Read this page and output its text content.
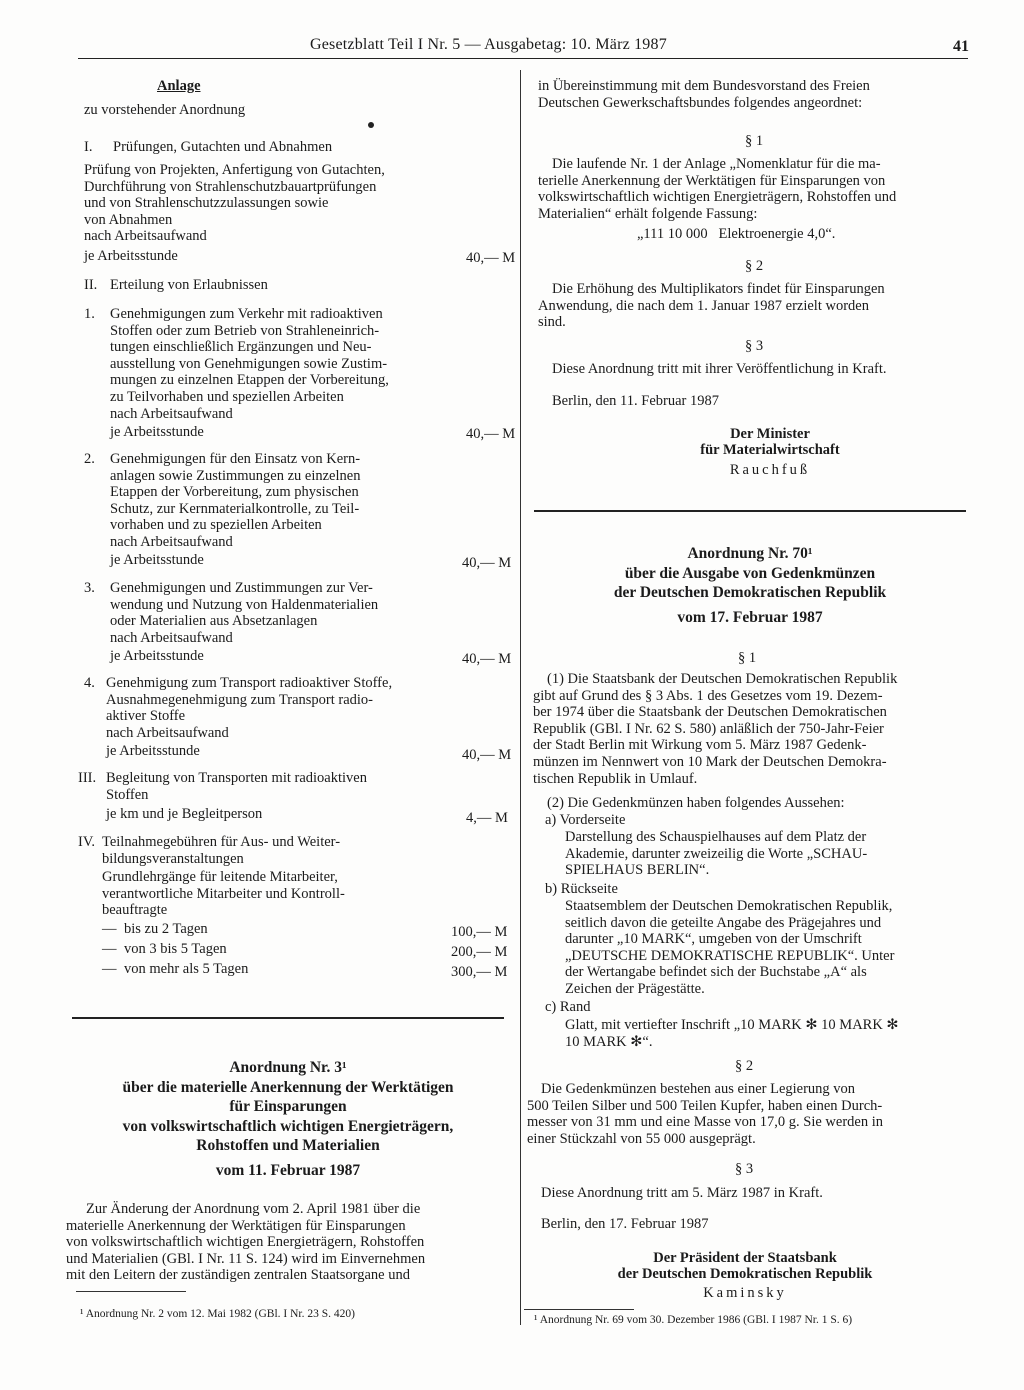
Gesetzblatt Teil I Nr. 5 — Ausgabetag: 10. März 1987	41
Anlage
zu vorstehender Anordnung
I. Prüfungen, Gutachten und Abnahmen
Prüfung von Projekten, Anfertigung von Gutachten,
Durchführung von Strahlenschutzbauartprüfungen
und von Strahlenschutzzulassungen sowie
von Abnahmen
nach Arbeitsaufwand
je Arbeitsstunde	40,— M
II. Erteilung von Erlaubnissen
1. Genehmigungen zum Verkehr mit radioaktiven
Stoffen oder zum Betrieb von Strahleneinrich-
tungen einschließlich Ergänzungen und Neu-
ausstellung von Genehmigungen sowie Zustim-
mungen zu einzelnen Etappen der Vorbereitung,
zu Teilvorhaben und speziellen Arbeiten
nach Arbeitsaufwand
je Arbeitsstunde	40,— M
2. Genehmigungen für den Einsatz von Kern-
anlagen sowie Zustimmungen zu einzelnen
Etappen der Vorbereitung, zum physischen
Schutz, zur Kernmaterialkontrolle, zu Teil-
vorhaben und zu speziellen Arbeiten
nach Arbeitsaufwand
je Arbeitsstunde	40,— M
3. Genehmigungen und Zustimmungen zur Ver-
wendung und Nutzung von Haldenmaterialien
oder Materialien aus Absetzanlagen
nach Arbeitsaufwand
je Arbeitsstunde	40,— M
4. Genehmigung zum Transport radioaktiver Stoffe,
Ausnahmegenehmigung zum Transport radio-
aktiver Stoffe
nach Arbeitsaufwand
je Arbeitsstunde	40,— M
III. Begleitung von Transporten mit radioaktiven
Stoffen
je km und je Begleitperson	4,— M
IV. Teilnahmegebühren für Aus- und Weiter-
bildungsveranstaltungen
Grundlehrgänge für leitende Mitarbeiter,
verantwortliche Mitarbeiter und Kontroll-
beauftragte
— bis zu 2 Tagen	100,— M
— von 3 bis 5 Tagen	200,— M
— von mehr als 5 Tagen	300,— M
Anordnung Nr. 3¹
über die materielle Anerkennung der Werktätigen
für Einsparungen
von volkswirtschaftlich wichtigen Energieträgern,
Rohstoffen und Materialien
vom 11. Februar 1987
Zur Änderung der Anordnung vom 2. April 1981 über die
materielle Anerkennung der Werktätigen für Einsparungen
von volkswirtschaftlich wichtigen Energieträgern, Rohstoffen
und Materialien (GBl. I Nr. 11 S. 124) wird im Einvernehmen
mit den Leitern der zuständigen zentralen Staatsorgane und
¹ Anordnung Nr. 2 vom 12. Mai 1982 (GBl. I Nr. 23 S. 420)
in Übereinstimmung mit dem Bundesvorstand des Freien
Deutschen Gewerkschaftsbundes folgendes angeordnet:
§ 1
Die laufende Nr. 1 der Anlage „Nomenklatur für die ma-
terielle Anerkennung der Werktätigen für Einsparungen von
volkswirtschaftlich wichtigen Energieträgern, Rohstoffen und
Materialien“ erhält folgende Fassung:
„111 10 000   Elektroenergie 4,0“.
§ 2
Die Erhöhung des Multiplikators findet für Einsparungen
Anwendung, die nach dem 1. Januar 1987 erzielt worden
sind.
§ 3
Diese Anordnung tritt mit ihrer Veröffentlichung in Kraft.
Berlin, den 11. Februar 1987
Der Minister
für Materialwirtschaft
Rauchfuß
Anordnung Nr. 70¹
über die Ausgabe von Gedenkmünzen
der Deutschen Demokratischen Republik
vom 17. Februar 1987
§ 1
(1) Die Staatsbank der Deutschen Demokratischen Republik
gibt auf Grund des § 3 Abs. 1 des Gesetzes vom 19. Dezem-
ber 1974 über die Staatsbank der Deutschen Demokratischen
Republik (GBl. I Nr. 62 S. 580) anläßlich der 750-Jahr-Feier
der Stadt Berlin mit Wirkung vom 5. März 1987 Gedenk-
münzen im Nennwert von 10 Mark der Deutschen Demokra-
tischen Republik in Umlauf.
(2) Die Gedenkmünzen haben folgendes Aussehen:
a) Vorderseite
Darstellung des Schauspielhauses auf dem Platz der
Akademie, darunter zweizeilig die Worte „SCHAU-
SPIELHAUS BERLIN“.
b) Rückseite
Staatsemblem der Deutschen Demokratischen Republik,
seitlich davon die geteilte Angabe des Prägejahres und
darunter „10 MARK“, umgeben von der Umschrift
„DEUTSCHE DEMOKRATISCHE REPUBLIK“. Unter
der Wertangabe befindet sich der Buchstabe „A“ als
Zeichen der Prägestätte.
c) Rand
Glatt, mit vertiefter Inschrift „10 MARK ✻ 10 MARK ✻
10 MARK ✻“.
§ 2
Die Gedenkmünzen bestehen aus einer Legierung von
500 Teilen Silber und 500 Teilen Kupfer, haben einen Durch-
messer von 31 mm und eine Masse von 17,0 g. Sie werden in
einer Stückzahl von 55 000 ausgeprägt.
§ 3
Diese Anordnung tritt am 5. März 1987 in Kraft.
Berlin, den 17. Februar 1987
Der Präsident der Staatsbank
der Deutschen Demokratischen Republik
Kaminsky
¹ Anordnung Nr. 69 vom 30. Dezember 1986 (GBl. I 1987 Nr. 1 S. 6)
